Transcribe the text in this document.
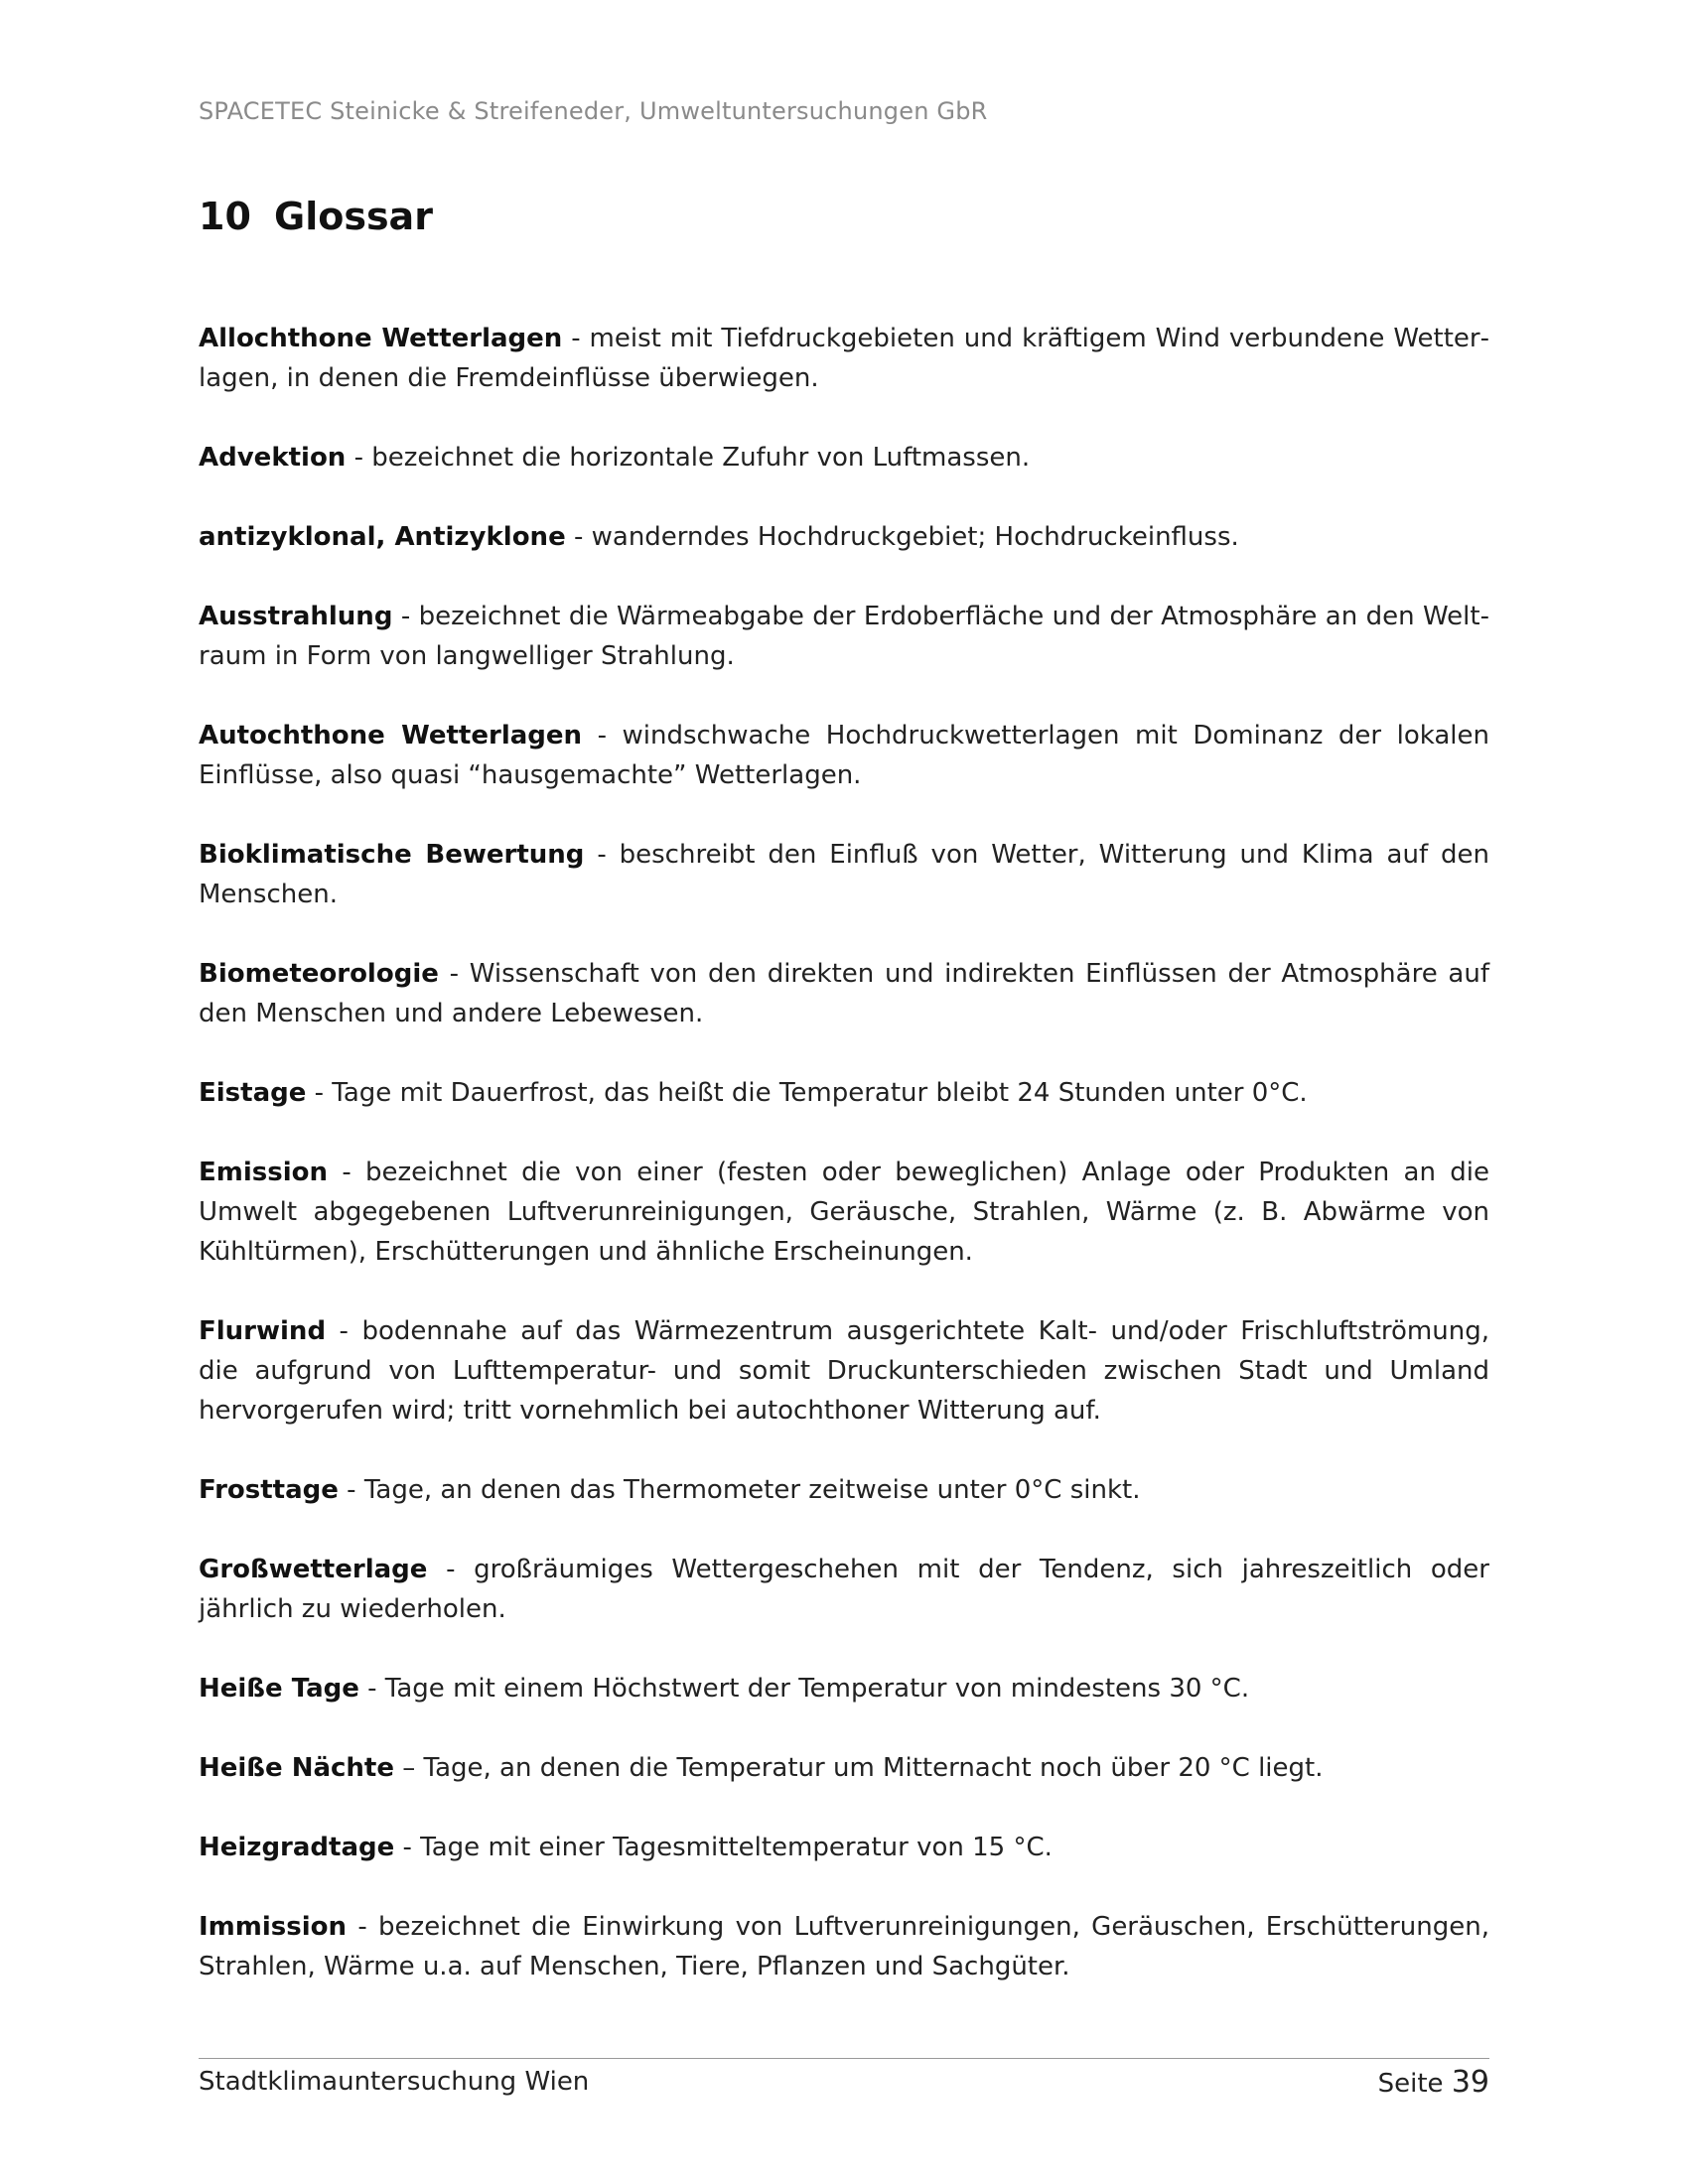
SPACETEC Steinicke & Streifeneder, Umweltuntersuchungen GbR
10 Glossar
Allochthone Wetterlagen - meist mit Tiefdruckgebieten und kräftigem Wind verbundene Wetterlagen, in denen die Fremdeinflüsse überwiegen.
Advektion - bezeichnet die horizontale Zufuhr von Luftmassen.
antizyklonal, Antizyklone - wanderndes Hochdruckgebiet; Hochdruckeinfluss.
Ausstrahlung - bezeichnet die Wärmeabgabe der Erdoberfläche und der Atmosphäre an den Weltraum in Form von langwelliger Strahlung.
Autochthone Wetterlagen - windschwache Hochdruckwetterlagen mit Dominanz der lokalen Einflüsse, also quasi “hausgemachte” Wetterlagen.
Bioklimatische Bewertung - beschreibt den Einfluß von Wetter, Witterung und Klima auf den Menschen.
Biometeorologie - Wissenschaft von den direkten und indirekten Einflüssen der Atmosphäre auf den Menschen und andere Lebewesen.
Eistage - Tage mit Dauerfrost, das heißt die Temperatur bleibt 24 Stunden unter 0°C.
Emission - bezeichnet die von einer (festen oder beweglichen) Anlage oder Produkten an die Umwelt abgegebenen Luftverunreinigungen, Geräusche, Strahlen, Wärme (z. B. Abwärme von Kühltürmen), Erschütterungen und ähnliche Erscheinungen.
Flurwind - bodennahe auf das Wärmezentrum ausgerichtete Kalt- und/oder Frischluftströmung, die aufgrund von Lufttemperatur- und somit Druckunterschieden zwischen Stadt und Umland hervorgerufen wird; tritt vornehmlich bei autochthoner Witterung auf.
Frosttage - Tage, an denen das Thermometer zeitweise unter 0°C sinkt.
Großwetterlage - großräumiges Wettergeschehen mit der Tendenz, sich jahreszeitlich oder jährlich zu wiederholen.
Heiße Tage - Tage mit einem Höchstwert der Temperatur von mindestens 30 °C.
Heiße Nächte – Tage, an denen die Temperatur um Mitternacht noch über 20 °C liegt.
Heizgradtage - Tage mit einer Tagesmitteltemperatur von 15 °C.
Immission - bezeichnet die Einwirkung von Luftverunreinigungen, Geräuschen, Erschütterungen, Strahlen, Wärme u.a. auf Menschen, Tiere, Pflanzen und Sachgüter.
Stadtklimauntersuchung Wien	Seite 39
